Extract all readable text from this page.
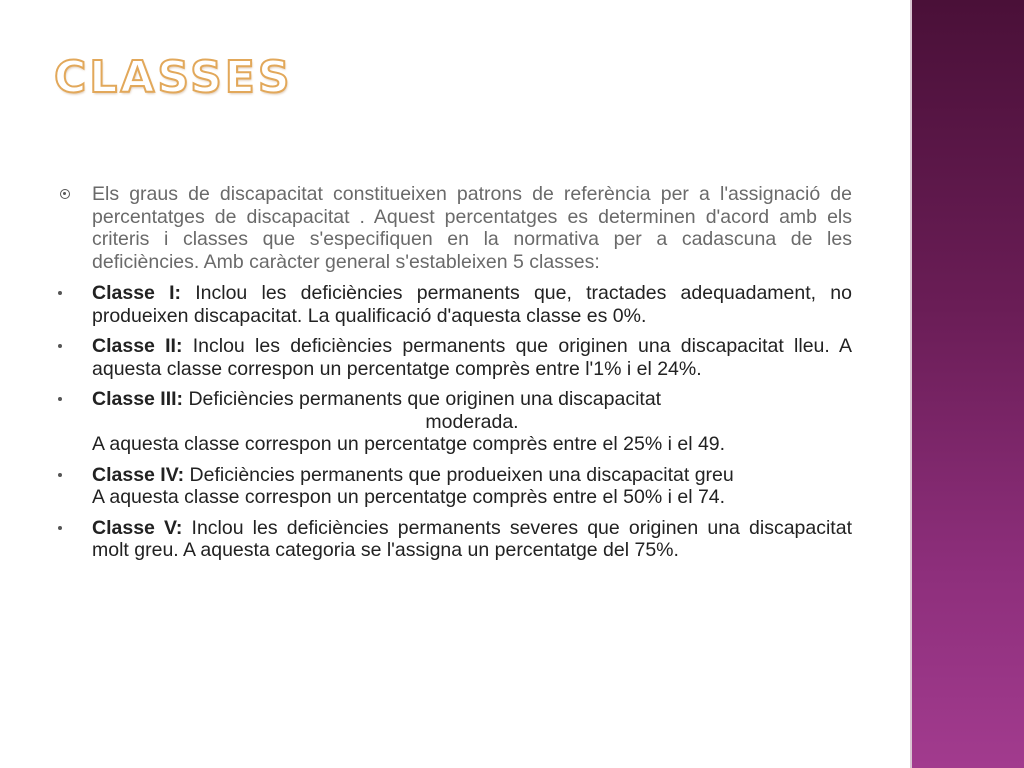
CLASSES
Els graus de discapacitat constitueixen patrons de referència per a l'assignació de percentatges de discapacitat . Aquest percentatges es determinen d'acord amb els criteris i classes que s'especifiquen en la normativa per a cadascuna de les deficiències. Amb caràcter general s'estableixen 5 classes:
Classe I: Inclou les deficiències permanents que, tractades adequadament, no produeixen discapacitat. La qualificació d'aquesta classe es 0%.
Classe II: Inclou les deficiències permanents que originen una discapacitat lleu. A aquesta classe correspon un percentatge comprès entre l'1% i el 24%.
Classe III: Deficiències permanents que originen una discapacitat
moderada.
A aquesta classe correspon un percentatge comprès entre el 25% i el 49.
Classe IV: Deficiències permanents que produeixen una discapacitat greu
A aquesta classe correspon un percentatge comprès entre el 50% i el 74.
Classe V: Inclou les deficiències permanents severes que originen una discapacitat molt greu. A aquesta categoria se l'assigna un percentatge del 75%.
